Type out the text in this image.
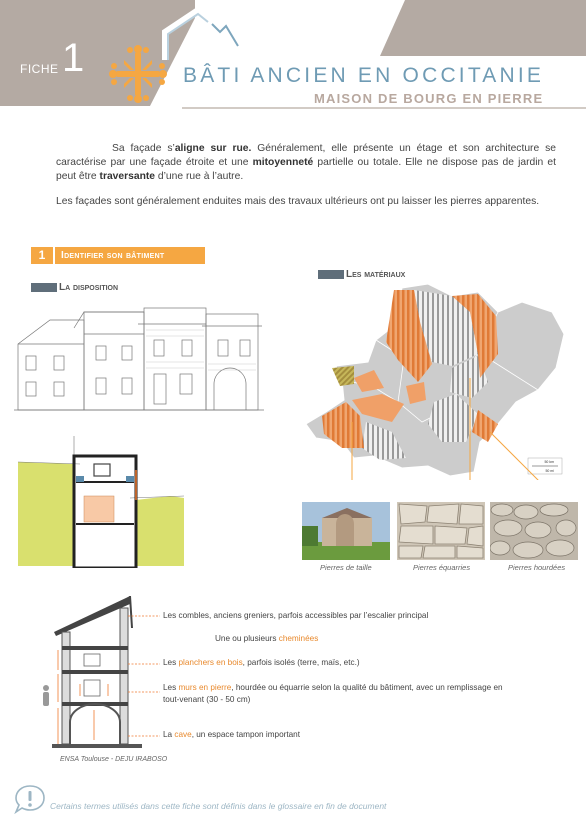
FICHE 1	BÂTI ANCIEN EN OCCITANIE
MAISON DE BOURG EN PIERRE

Sa façade s’aligne sur rue. Généralement, elle présente un étage et son architecture se caractérise par une façade étroite et une mitoyenneté partielle ou totale. Elle ne dispose pas de jardin et peut être traversante d’une rue à l’autre.

Les façades sont généralement enduites mais des travaux ultérieurs ont pu laisser les pierres apparentes.

1	Identifier son bâtiment
La disposition
Les matériaux
50 km
50 mi
Pierres de taille	Pierres équarries	Pierres hourdées
Les combles, anciens greniers, parfois accessibles par l’escalier principal
Une ou plusieurs cheminées
Les planchers en bois, parfois isolés (terre, maïs, etc.)
Les murs en pierre, hourdée ou équarrie selon la qualité du bâtiment, avec un remplissage en
tout-venant (30 - 50 cm)
La cave, un espace tampon important
ENSA Toulouse - DEJU IRABOSO
Certains termes utilisés dans cette fiche sont définis dans le glossaire en fin de document
